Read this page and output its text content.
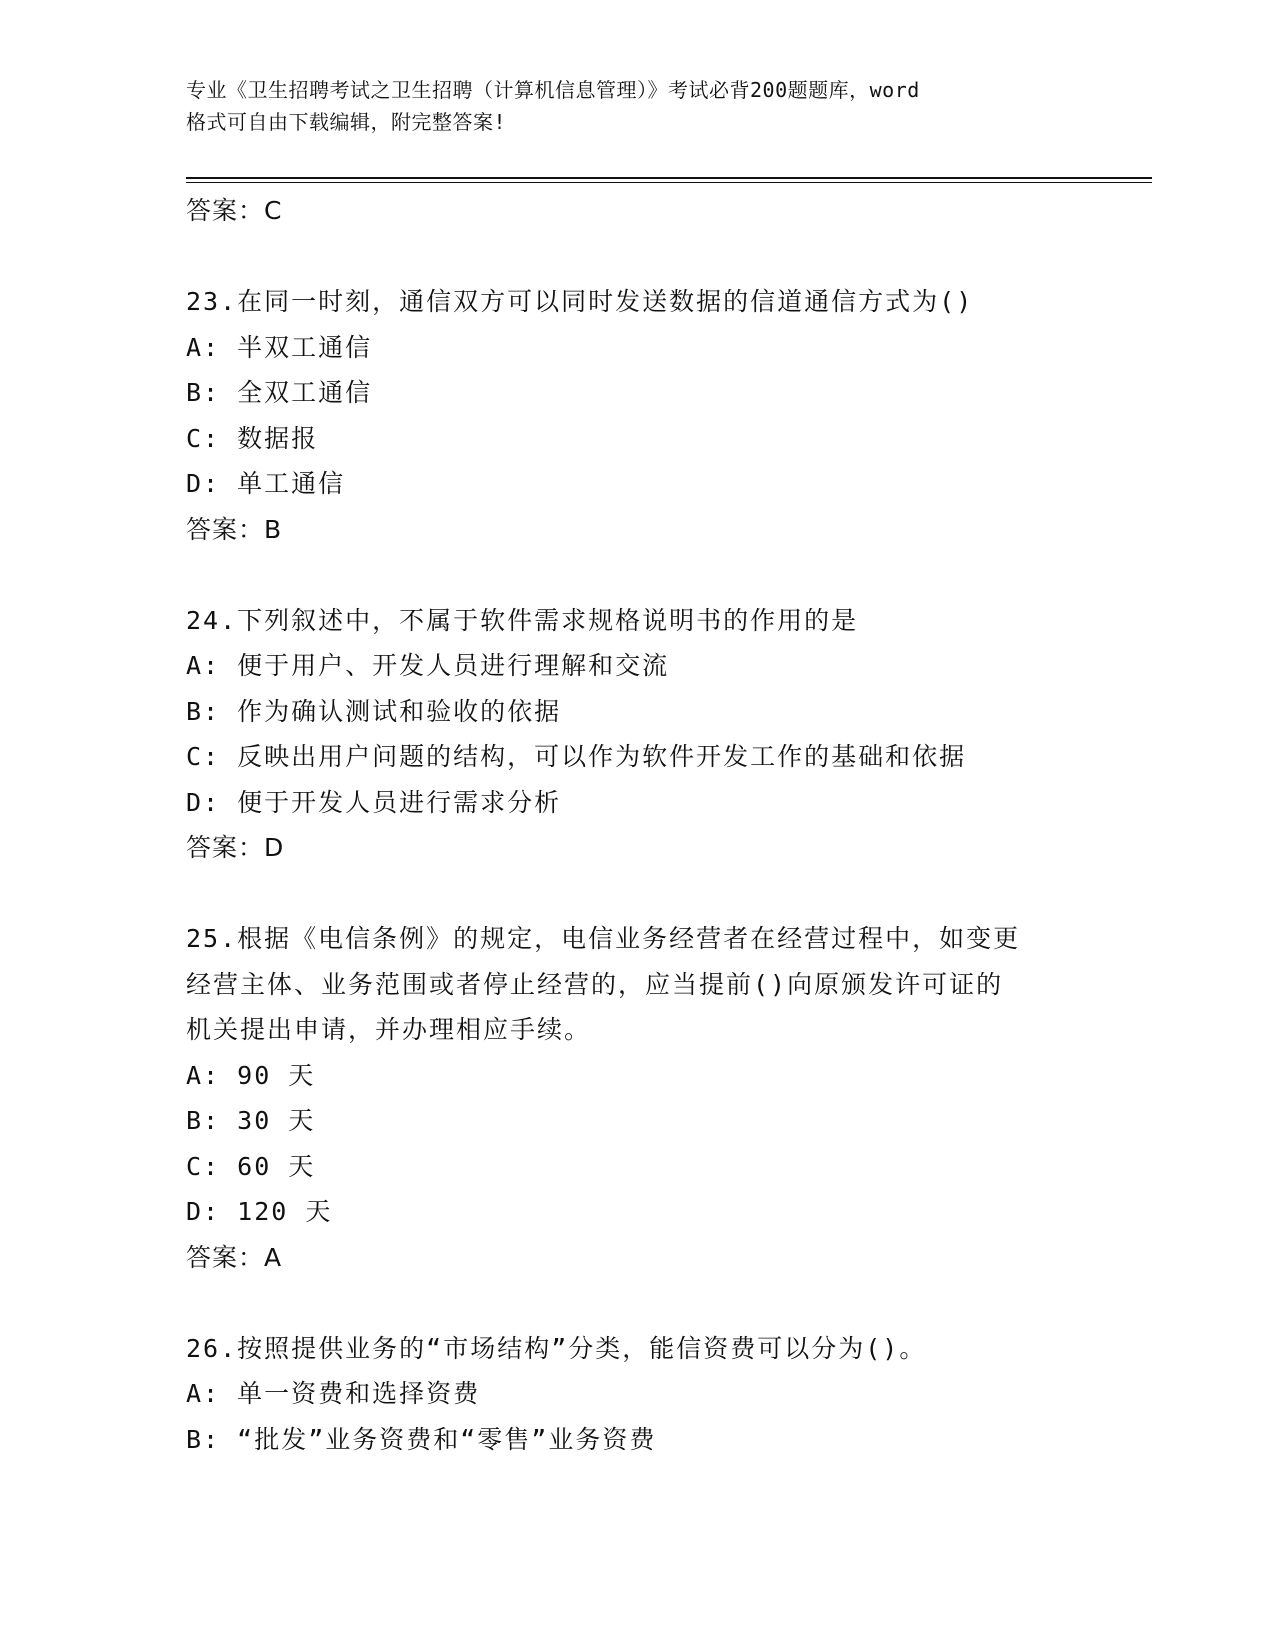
专业《卫生招聘考试之卫生招聘（计算机信息管理）》考试必背200题题库，word
格式可自由下载编辑，附完整答案!
答案：C
23.在同一时刻，通信双方可以同时发送数据的信道通信方式为()
A: 半双工通信
B: 全双工通信
C: 数据报
D: 单工通信
答案：B
24.下列叙述中，不属于软件需求规格说明书的作用的是
A: 便于用户、开发人员进行理解和交流
B: 作为确认测试和验收的依据
C: 反映出用户问题的结构，可以作为软件开发工作的基础和依据
D: 便于开发人员进行需求分析
答案：D
25.根据《电信条例》的规定，电信业务经营者在经营过程中，如变更
经营主体、业务范围或者停止经营的，应当提前()向原颁发许可证的
机关提出申请，并办理相应手续。
A: 90 天
B: 30 天
C: 60 天
D: 120 天
答案：A
26.按照提供业务的“市场结构”分类，能信资费可以分为()。
A: 单一资费和选择资费
B: “批发”业务资费和“零售”业务资费
